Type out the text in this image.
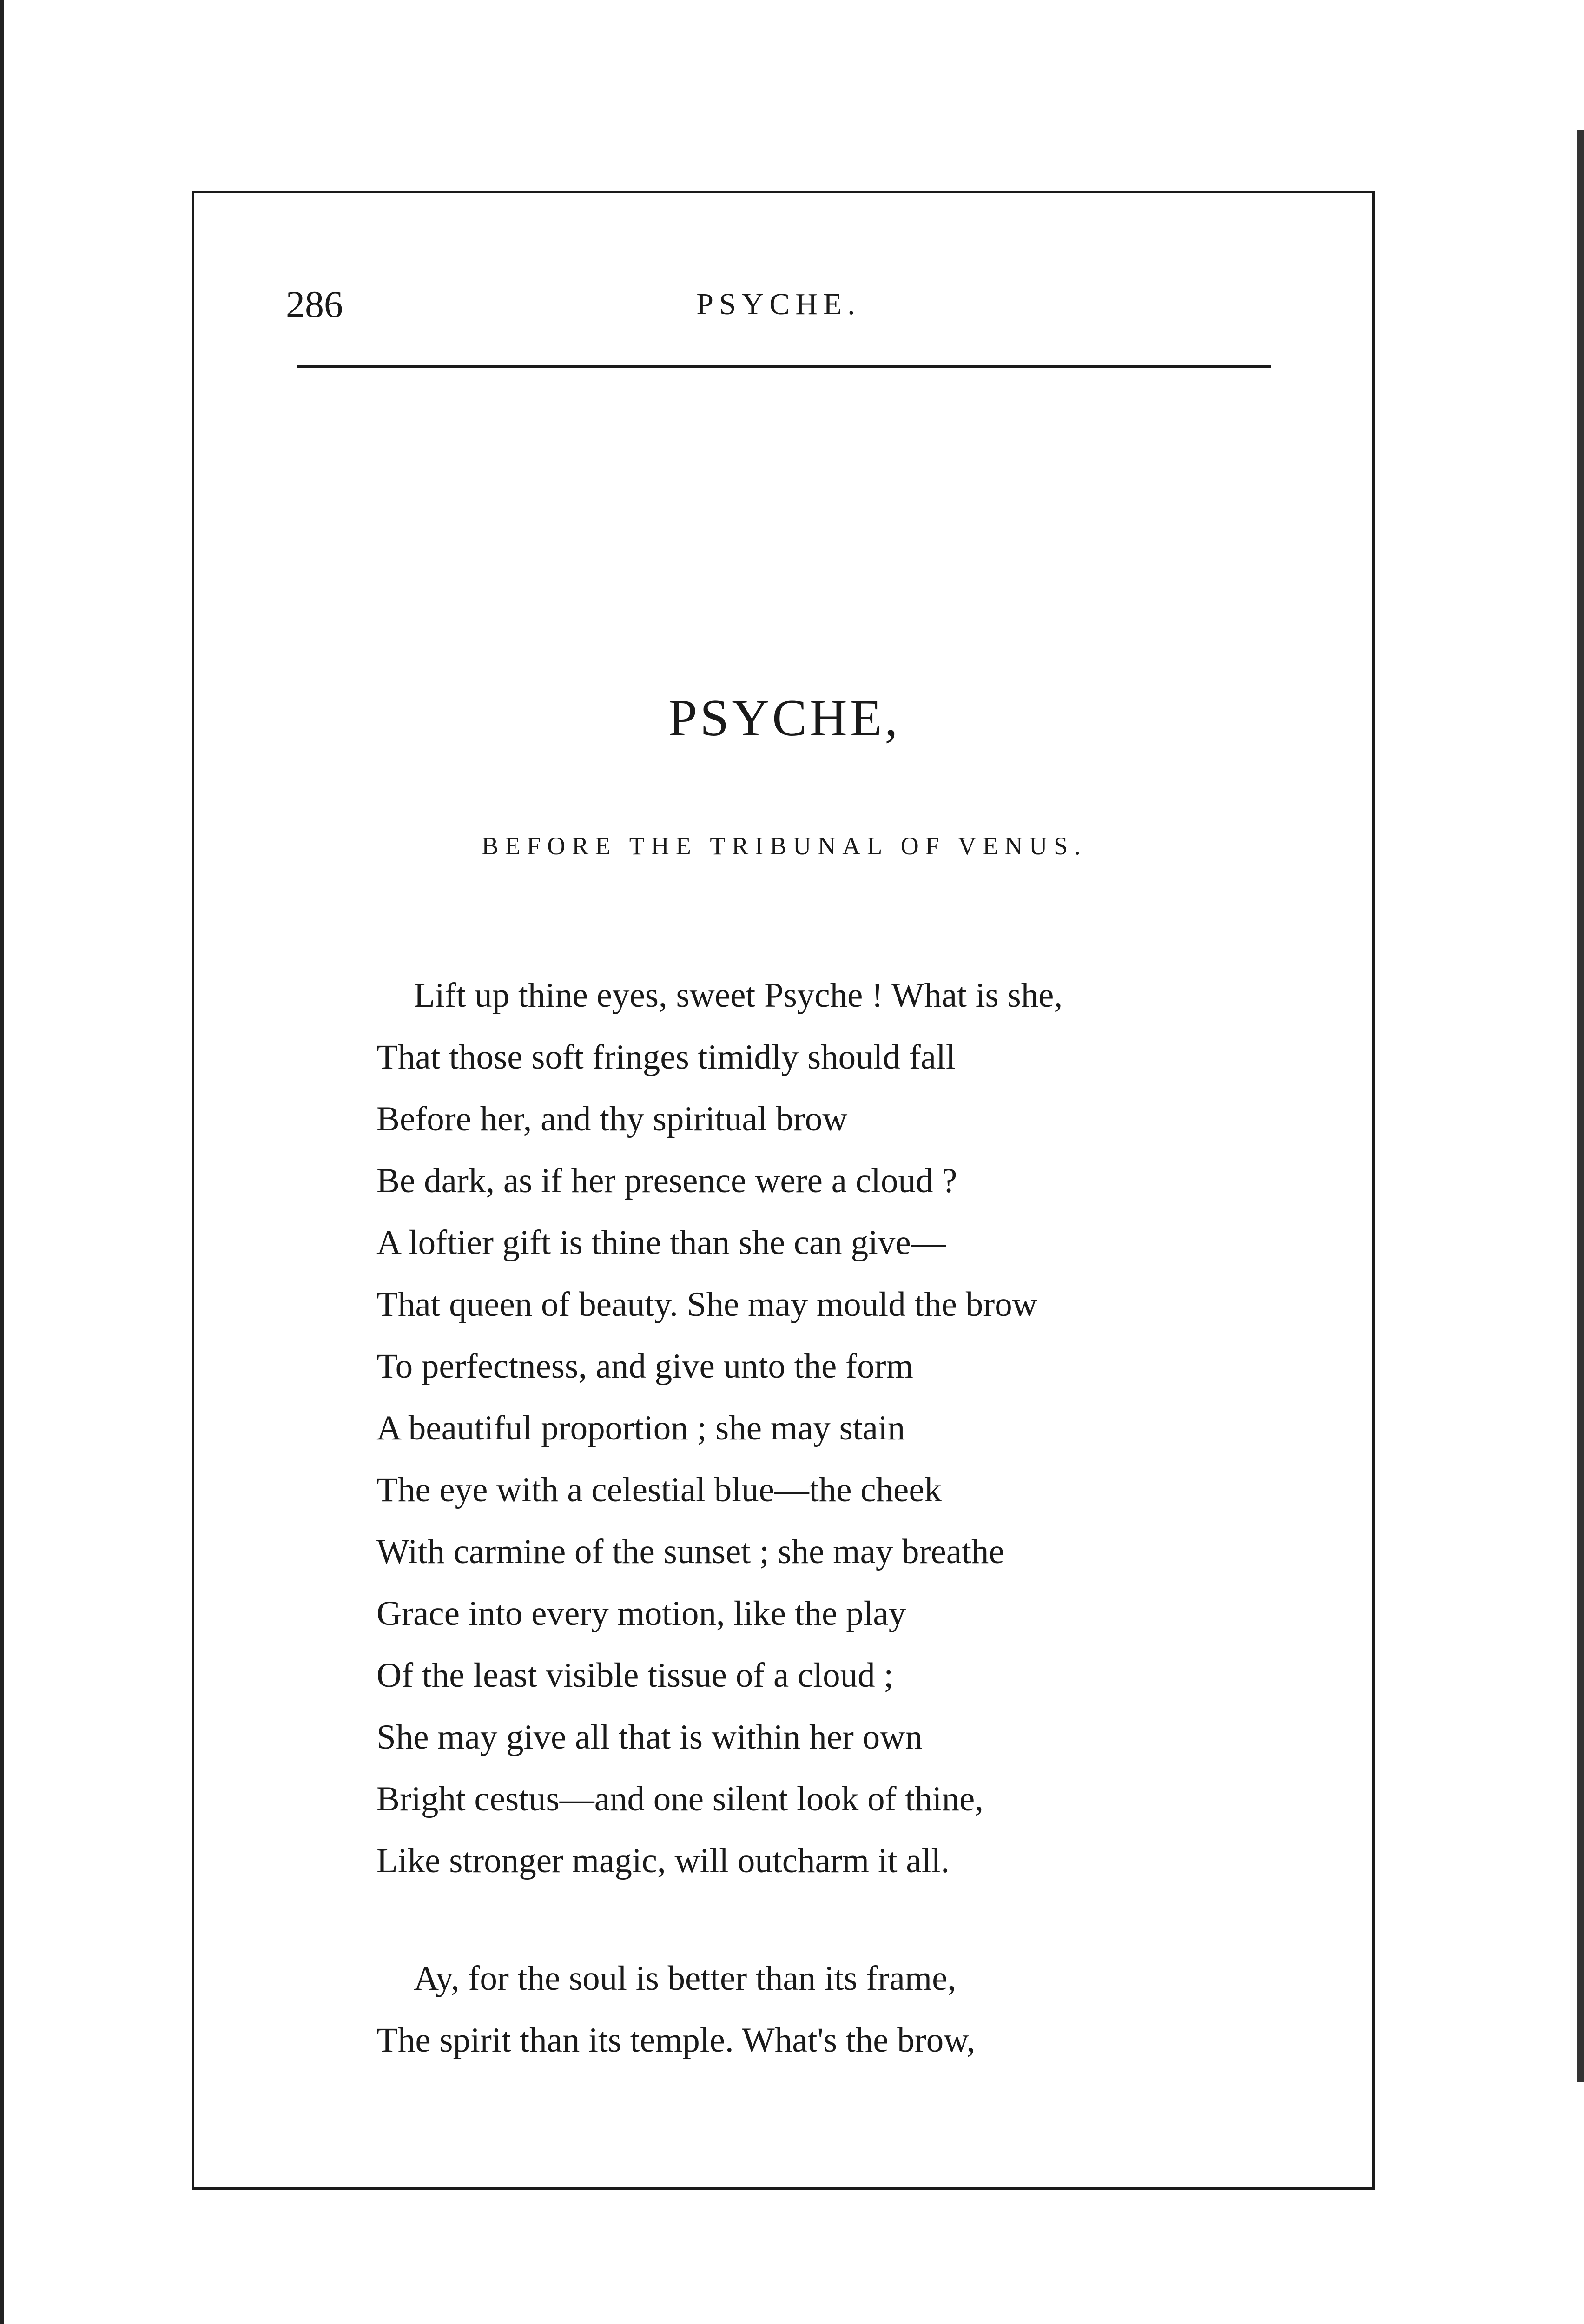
286	PSYCHE.
PSYCHE,
BEFORE THE TRIBUNAL OF VENUS.
Lift up thine eyes, sweet Psyche ! What is she,
That those soft fringes timidly should fall
Before her, and thy spiritual brow
Be dark, as if her presence were a cloud ?
A loftier gift is thine than she can give—
That queen of beauty. She may mould the brow
To perfectness, and give unto the form
A beautiful proportion ; she may stain
The eye with a celestial blue—the cheek
With carmine of the sunset ; she may breathe
Grace into every motion, like the play
Of the least visible tissue of a cloud ;
She may give all that is within her own
Bright cestus—and one silent look of thine,
Like stronger magic, will outcharm it all.
Ay, for the soul is better than its frame,
The spirit than its temple. What's the brow,
